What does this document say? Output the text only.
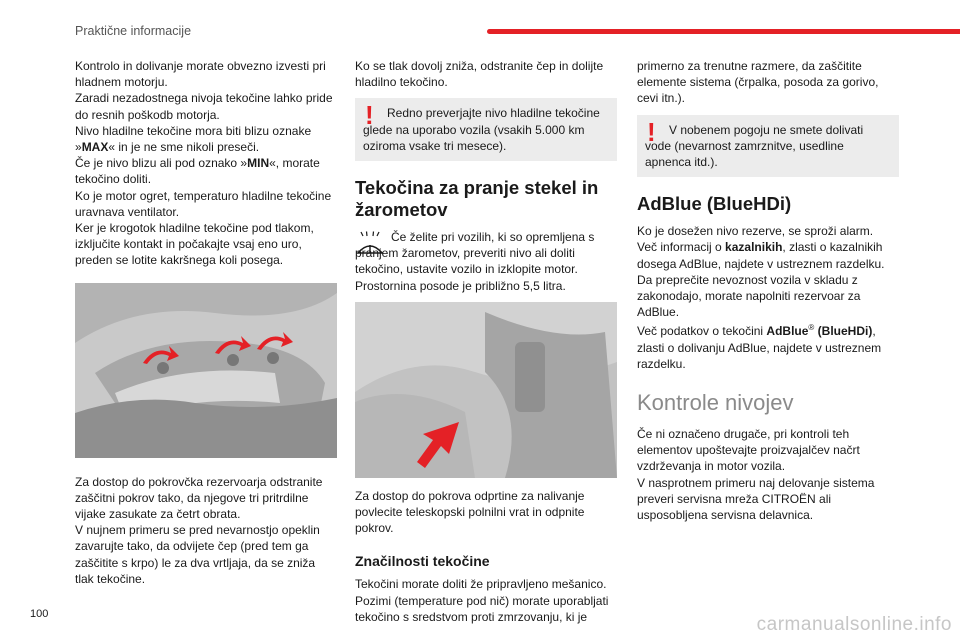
Praktične informacije

Kontrolo in dolivanje morate obvezno izvesti pri hladnem motorju.
Zaradi nezadostnega nivoja tekočine lahko pride do resnih poškodb motorja.
Nivo hladilne tekočine mora biti blizu oznake »MAX« in je ne sme nikoli preseči.
Če je nivo blizu ali pod oznako »MIN«, morate tekočino doliti.
Ko je motor ogret, temperaturo hladilne tekočine uravnava ventilator.
Ker je krogotok hladilne tekočine pod tlakom, izključite kontakt in počakajte vsaj eno uro, preden se lotite kakršnega koli posega.

Za dostop do pokrovčka rezervoarja odstranite zaščitni pokrov tako, da njegove tri pritrdilne vijake zasukate za četrt obrata.
V nujnem primeru se pred nevarnostjo opeklin zavarujte tako, da odvijete čep (pred tem ga zaščitite s krpo) le za dva vrtljaja, da se zniža tlak tekočine.

Ko se tlak dovolj zniža, odstranite čep in dolijte hladilno tekočino.

!	Redno preverjajte nivo hladilne tekočine glede na uporabo vozila (vsakih 5.000 km oziroma vsake tri mesece).

Tekočina za pranje stekel in žarometov

Če želite pri vozilih, ki so opremljena s pranjem žarometov, preveriti nivo ali doliti tekočino, ustavite vozilo in izklopite motor.
Prostornina posode je približno 5,5 litra.

Za dostop do pokrova odprtine za nalivanje povlecite teleskopski polnilni vrat in odpnite pokrov.

Značilnosti tekočine

Tekočini morate doliti že pripravljeno mešanico.
Pozimi (temperature pod nič) morate uporabljati tekočino s sredstvom proti zmrzovanju, ki je

primerno za trenutne razmere, da zaščitite elemente sistema (črpalka, posoda za gorivo, cevi itn.).

!	V nobenem pogoju ne smete dolivati vode (nevarnost zamrznitve, usedline apnenca itd.).

AdBlue (BlueHDi)

Ko je dosežen nivo rezerve, se sproži alarm.
Več informacij o kazalnikih, zlasti o kazalnikih dosega AdBlue, najdete v ustreznem razdelku.
Da preprečite nevoznost vozila v skladu z zakonodajo, morate napolniti rezervoar za AdBlue.
Več podatkov o tekočini AdBlue® (BlueHDi), zlasti o dolivanju AdBlue, najdete v ustreznem razdelku.

Kontrole nivojev

Če ni označeno drugače, pri kontroli teh elementov upoštevajte proizvajalčev načrt vzdrževanja in motor vozila.
V nasprotnem primeru naj delovanje sistema preveri servisna mreža CITROËN ali usposobljena servisna delavnica.

100	carmanualsonline.info
